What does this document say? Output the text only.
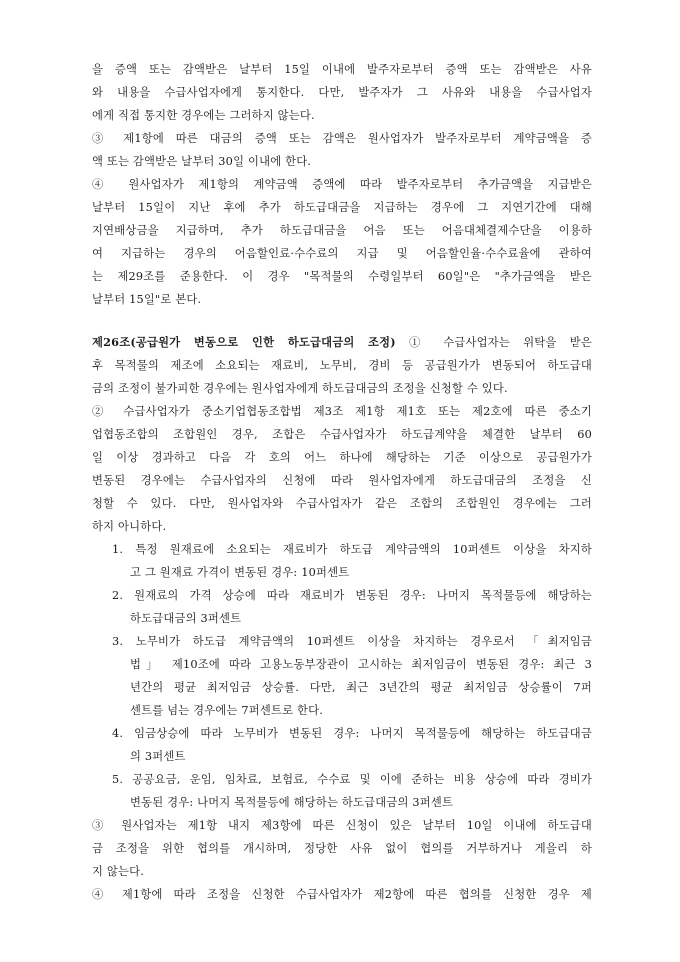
을 증액 또는 감액받은 날부터 15일 이내에 발주자로부터 증액 또는 감액받은 사유
와 내용을 수급사업자에게 통지한다. 다만, 발주자가 그 사유와 내용을 수급사업자
에게 직접 통지한 경우에는 그러하지 않는다.
③ 제1항에 따른 대금의 증액 또는 감액은 원사업자가 발주자로부터 계약금액을 증
액 또는 감액받은 날부터 30일 이내에 한다.
④ 원사업자가 제1항의 계약금액 증액에 따라 발주자로부터 추가금액을 지급받은
날부터 15일이 지난 후에 추가 하도급대금을 지급하는 경우에 그 지연기간에 대해
지연배상금을 지급하며, 추가 하도급대금을 어음 또는 어음대체결제수단을 이용하
여 지급하는 경우의 어음할인료·수수료의 지급 및 어음할인율·수수료율에 관하여
는 제29조를 준용한다. 이 경우 "목적물의 수령일부터 60일"은 "추가금액을 받은
날부터 15일"로 본다.
제26조(공급원가 변동으로 인한 하도급대금의 조정) ① 수급사업자는 위탁을 받은
후 목적물의 제조에 소요되는 재료비, 노무비, 경비 등 공급원가가 변동되어 하도급대
금의 조정이 불가피한 경우에는 원사업자에게 하도급대금의 조정을 신청할 수 있다.
② 수급사업자가 중소기업협동조합법 제3조 제1항 제1호 또는 제2호에 따른 중소기
업협동조합의 조합원인 경우, 조합은 수급사업자가 하도급계약을 체결한 날부터 60
일 이상 경과하고 다음 각 호의 어느 하나에 해당하는 기준 이상으로 공급원가가
변동된 경우에는 수급사업자의 신청에 따라 원사업자에게 하도급대금의 조정을 신
청할 수 있다. 다만, 원사업자와 수급사업자가 같은 조합의 조합원인 경우에는 그러
하지 아니하다.
1. 특정 원재료에 소요되는 재료비가 하도급 계약금액의 10퍼센트 이상을 차지하
고 그 원재료 가격이 변동된 경우: 10퍼센트
2. 원재료의 가격 상승에 따라 재료비가 변동된 경우: 나머지 목적물등에 해당하는
하도급대금의 3퍼센트
3. 노무비가 하도급 계약금액의 10퍼센트 이상을 차지하는 경우로서 「최저임금
법」 제10조에 따라 고용노동부장관이 고시하는 최저임금이 변동된 경우: 최근 3
년간의 평균 최저임금 상승률. 다만, 최근 3년간의 평균 최저임금 상승률이 7퍼
센트를 넘는 경우에는 7퍼센트로 한다.
4. 임금상승에 따라 노무비가 변동된 경우: 나머지 목적물등에 해당하는 하도급대금
의 3퍼센트
5. 공공요금, 운임, 임차료, 보험료, 수수료 및 이에 준하는 비용 상승에 따라 경비가
변동된 경우: 나머지 목적물등에 해당하는 하도급대금의 3퍼센트
③ 원사업자는 제1항 내지 제3항에 따른 신청이 있은 날부터 10일 이내에 하도급대
금 조정을 위한 협의를 개시하며, 정당한 사유 없이 협의를 거부하거나 게을리 하
지 않는다.
④ 제1항에 따라 조정을 신청한 수급사업자가 제2항에 따른 협의를 신청한 경우 제
